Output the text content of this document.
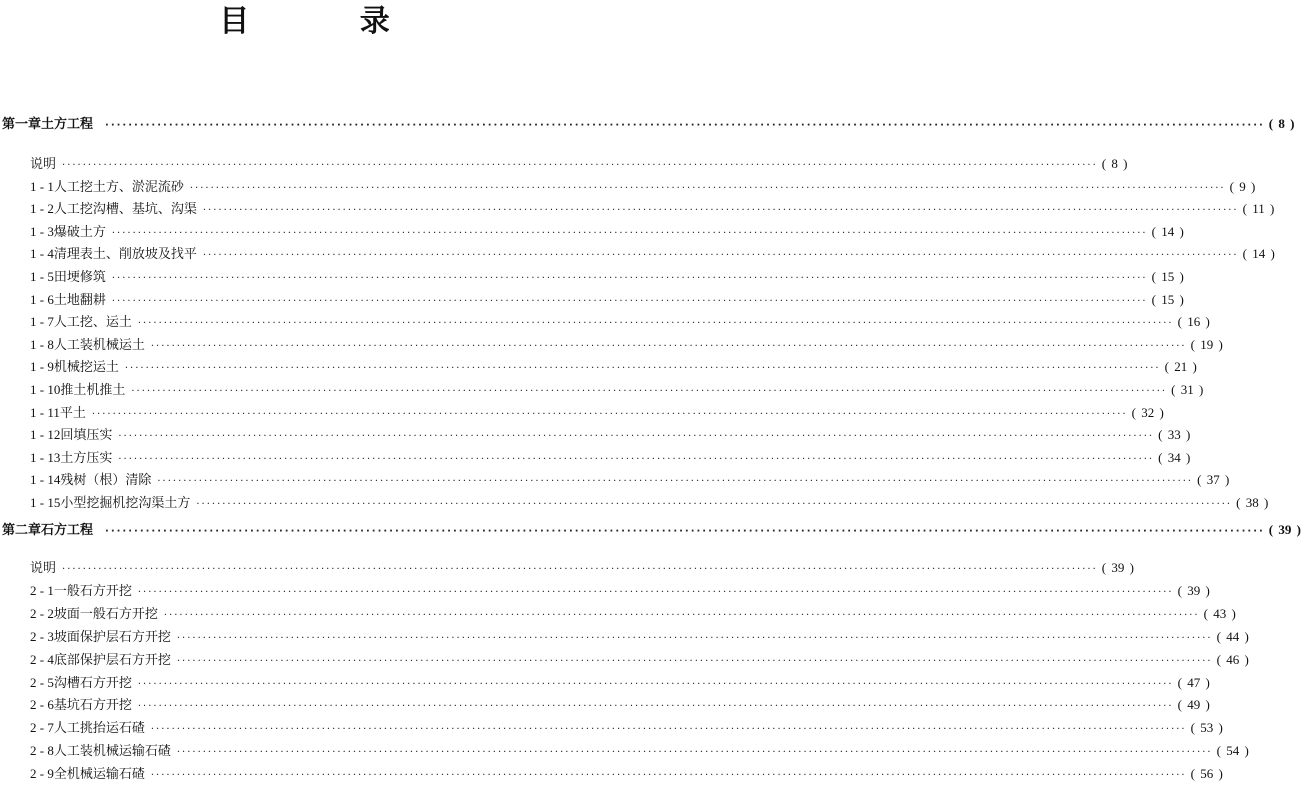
目 录
第一章 土方工程	········································································································································································································ ( 8 )
说明 ········································································································································································································ ( 8 )
1 - 1 人工挖土方、淤泥流砂 ········································································································································································································ ( 9 )
1 - 2 人工挖沟槽、基坑、沟渠 ········································································································································································································ ( 11 )
1 - 3 爆破土方 ········································································································································································································ ( 14 )
1 - 4 清理表土、削放坡及找平 ········································································································································································································ ( 14 )
1 - 5 田埂修筑 ········································································································································································································ ( 15 )
1 - 6 土地翻耕 ········································································································································································································ ( 15 )
1 - 7 人工挖、运土 ········································································································································································································ ( 16 )
1 - 8 人工装机械运土 ········································································································································································································ ( 19 )
1 - 9 机械挖运土 ········································································································································································································ ( 21 )
1 - 10 推土机推土 ········································································································································································································ ( 31 )
1 - 11 平土 ········································································································································································································ ( 32 )
1 - 12 回填压实 ········································································································································································································ ( 33 )
1 - 13 土方压实 ········································································································································································································ ( 34 )
1 - 14 残树（根）清除 ········································································································································································································ ( 37 )
1 - 15 小型挖掘机挖沟渠土方 ········································································································································································································ ( 38 )
第二章 石方工程	········································································································································································································ ( 39 )
说明 ········································································································································································································ ( 39 )
2 - 1 一般石方开挖 ········································································································································································································ ( 39 )
2 - 2 坡面一般石方开挖 ········································································································································································································ ( 43 )
2 - 3 坡面保护层石方开挖 ········································································································································································································ ( 44 )
2 - 4 底部保护层石方开挖 ········································································································································································································ ( 46 )
2 - 5 沟槽石方开挖 ········································································································································································································ ( 47 )
2 - 6 基坑石方开挖 ········································································································································································································ ( 49 )
2 - 7 人工挑抬运石碴 ········································································································································································································ ( 53 )
2 - 8 人工装机械运输石碴 ········································································································································································································ ( 54 )
2 - 9 全机械运输石碴 ········································································································································································································ ( 56 )
